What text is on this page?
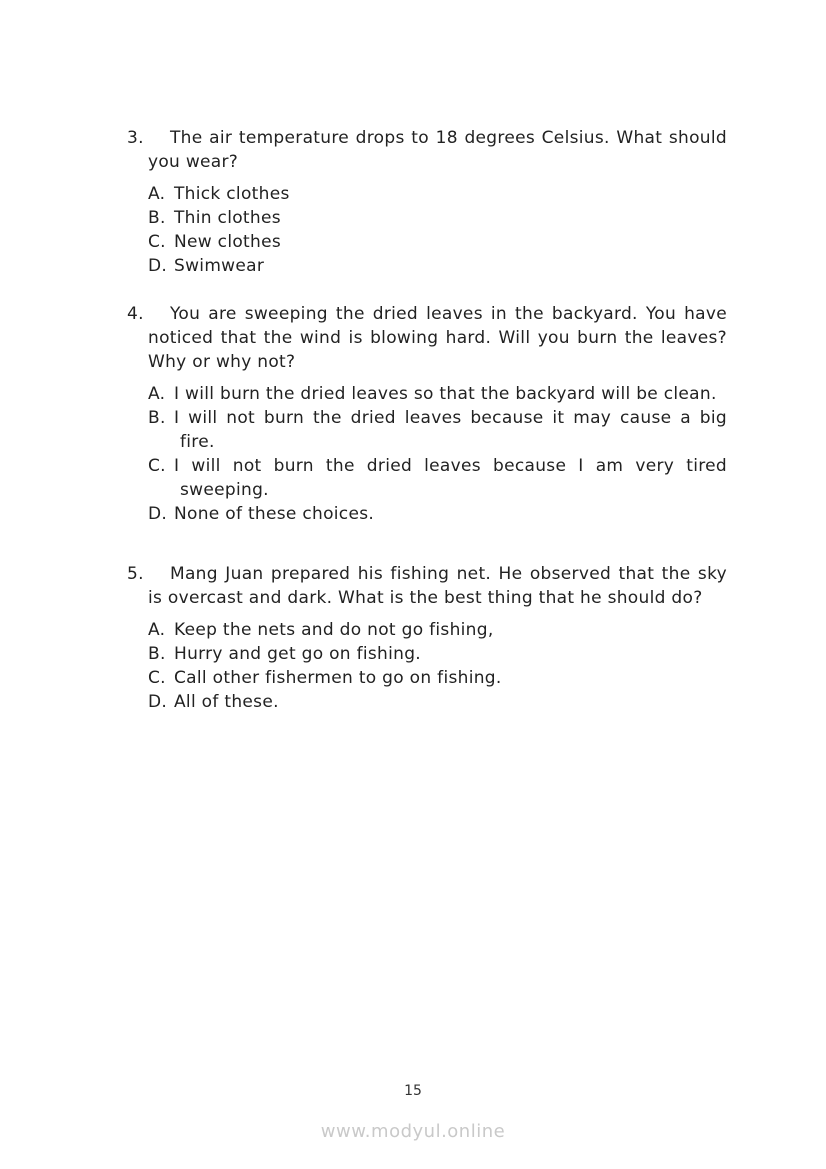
3.	The air temperature drops to 18 degrees Celsius. What should you wear?
A. Thick clothes
B. Thin clothes
C. New clothes
D. Swimwear
4.	You are sweeping the dried leaves in the backyard. You have noticed that the wind is blowing hard. Will you burn the leaves? Why or why not?
A. I will burn the dried leaves so that the backyard will be clean.
B. I will not burn the dried leaves because it may cause a big fire.
C. I will not burn the dried leaves because I am very tired sweeping.
D. None of these choices.
5.	Mang Juan prepared his fishing net. He observed that the sky is overcast and dark. What is the best thing that he should do?
A. Keep the nets and do not go fishing,
B. Hurry and get go on fishing.
C. Call other fishermen to go on fishing.
D. All of these.
15
www.modyul.online
